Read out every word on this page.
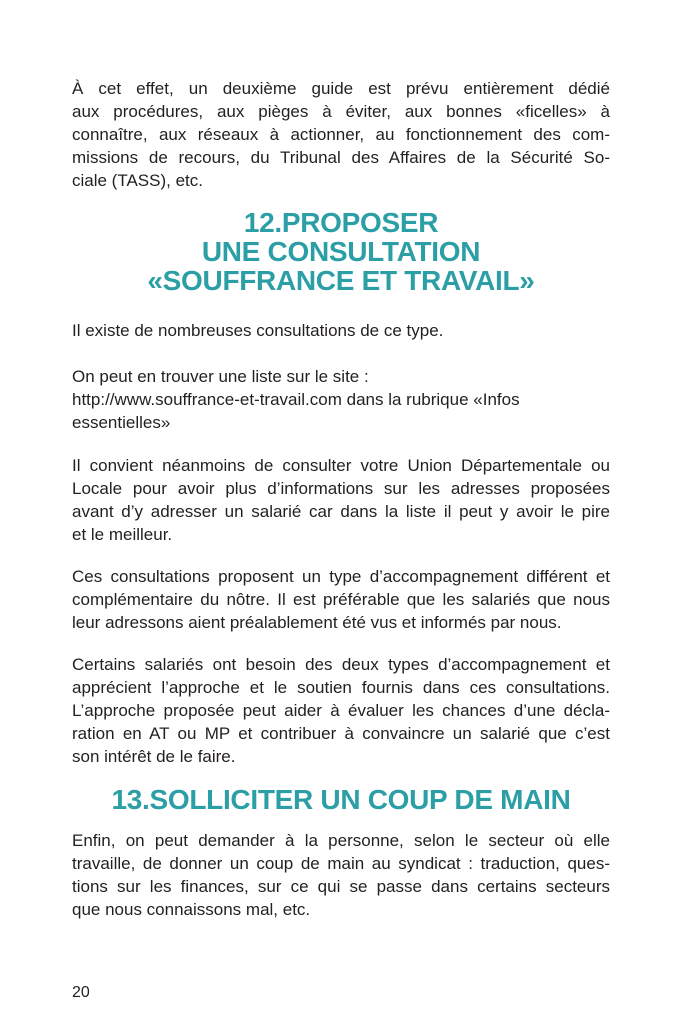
À cet effet, un deuxième guide est prévu entièrement dédié

aux procédures, aux pièges à éviter, aux bonnes «ficelles» à

connaître, aux réseaux à actionner, au fonctionnement des com-

missions de recours, du Tribunal des Affaires de la Sécurité So-

ciale (TASS), etc.

12.PROPOSER
UNE CONSULTATION
«SOUFFRANCE ET TRAVAIL»

Il existe de nombreuses consultations de ce type.

On peut en trouver une liste sur le site :

http://www.souffrance-et-travail.com dans la rubrique «Infos

essentielles»

Il convient néanmoins de consulter votre Union Départementale ou

Locale pour avoir plus d’informations sur les adresses proposées

avant d’y adresser un salarié car dans la liste il peut y avoir le pire

et le meilleur.

Ces consultations proposent un type d’accompagnement différent et

complémentaire du nôtre. Il est préférable que les salariés que nous

leur adressons aient préalablement été vus et informés par nous.

Certains salariés ont besoin des deux types d’accompagnement et

apprécient l’approche et le soutien fournis dans ces consultations.

L’approche proposée peut aider à évaluer les chances d’une décla-

ration en AT ou MP et contribuer à convaincre un salarié que c’est

son intérêt de le faire.

13.SOLLICITER UN COUP DE MAIN

Enfin, on peut demander à la personne, selon le secteur où elle

travaille, de donner un coup de main au syndicat : traduction, ques-

tions sur les finances, sur ce qui se passe dans certains secteurs

que nous connaissons mal, etc.

20
